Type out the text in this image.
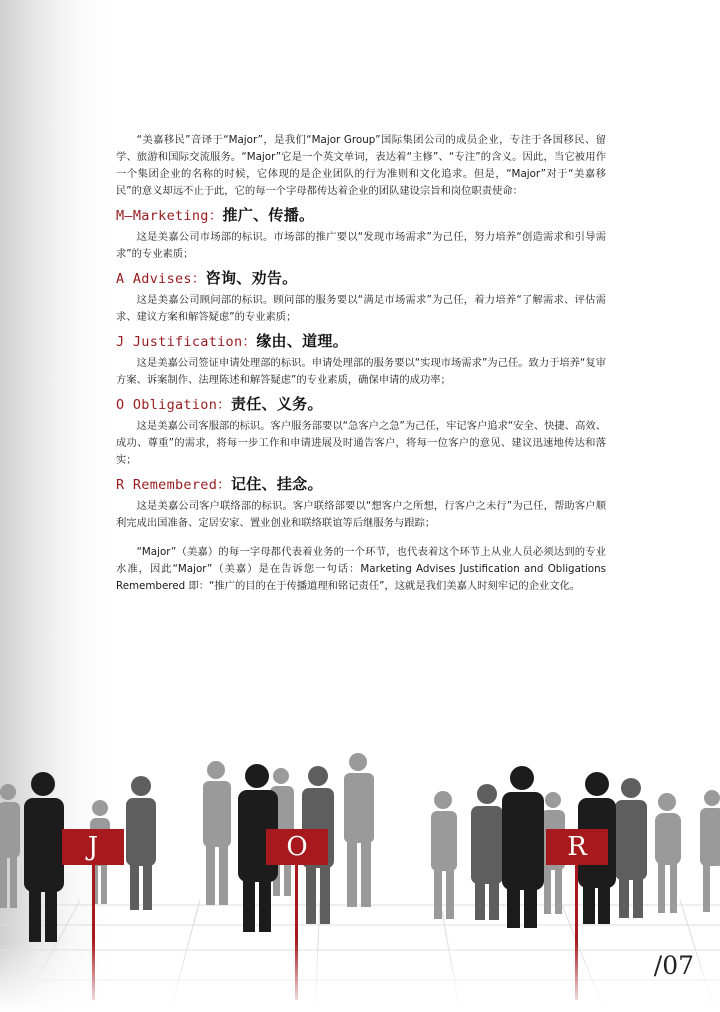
“美嘉移民”音译于“Major”，是我们“Major Group”国际集团公司的成员企业，专注于各国移民、留学、旅游和国际交流服务。“Major”它是一个英文单词，表达着“主修”、“专注”的含义。因此，当它被用作一个集团企业的名称的时候，它体现的是企业团队的行为准则和文化追求。但是，“Major”对于“美嘉移民”的意义却远不止于此，它的每一个字母都传达着企业的团队建设宗旨和岗位职责使命：

M–Marketing：推广、传播。

这是美嘉公司市场部的标识。市场部的推广要以“发现市场需求”为己任，努力培养“创造需求和引导需求”的专业素质；

A Advises：咨询、劝告。

这是美嘉公司顾问部的标识。顾问部的服务要以“满足市场需求”为己任，着力培养“了解需求、评估需求、建议方案和解答疑虑”的专业素质；

J Justification：缘由、道理。

这是美嘉公司签证申请处理部的标识。申请处理部的服务要以“实现市场需求”为己任。致力于培养“复审方案、诉案制作、法理陈述和解答疑虑”的专业素质，确保申请的成功率；

O Obligation：责任、义务。

这是美嘉公司客服部的标识。客户服务部要以“急客户之急”为己任，牢记客户追求“安全、快捷、高效、成功、尊重”的需求，将每一步工作和申请进展及时通告客户，将每一位客户的意见、建议迅速地传达和落实；

R Remembered：记住、挂念。

这是美嘉公司客户联络部的标识。客户联络部要以“想客户之所想，行客户之未行”为己任，帮助客户顺利完成出国准备、定居安家、置业创业和联络联谊等后继服务与跟踪；

“Major”（美嘉）的每一字母都代表着业务的一个环节，也代表着这个环节上从业人员必须达到的专业水准，因此“Major”（美嘉）是在告诉您一句话：Marketing Advises Justification and Obligations Remembered 即：“推广的目的在于传播道理和铭记责任”，这就是我们美嘉人时刻牢记的企业文化。

J	O	R
/07
